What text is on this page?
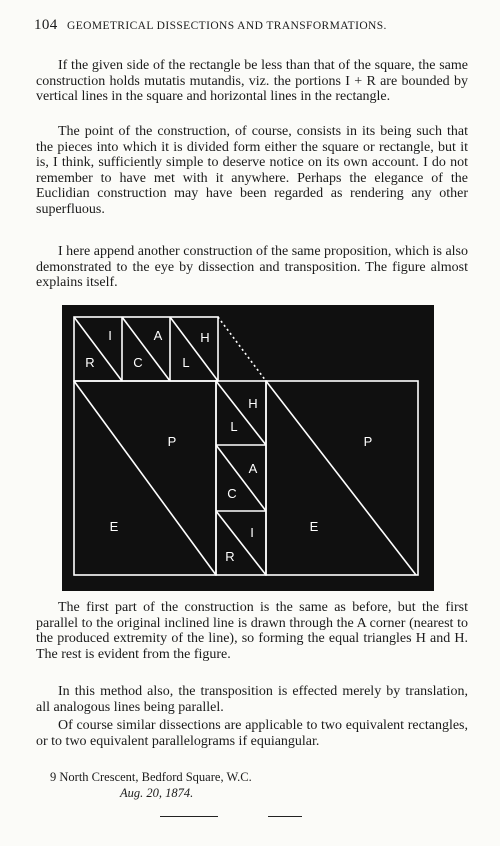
104 GEOMETRICAL DISSECTIONS AND TRANSFORMATIONS.

If the given side of the rectangle be less than that of the square, the same construction holds mutatis mutandis, viz. the portions I + R are bounded by vertical lines in the square and horizontal lines in the rectangle.

The point of the construction, of course, consists in its being such that the pieces into which it is divided form either the square or rectangle, but it is, I think, sufficiently simple to deserve notice on its own account. I do not remember to have met with it anywhere. Perhaps the elegance of the Euclidian construction may have been regarded as rendering any other superfluous.

I here append another construction of the same proposition, which is also demonstrated to the eye by dissection and transposition. The figure almost explains itself.

I
R
A
C
H
L
P
E
H
L
A
C
I
R
P
E

The first part of the construction is the same as before, but the first parallel to the original inclined line is drawn through the A corner (nearest to the produced extremity of the line), so forming the equal triangles H and H. The rest is evident from the figure.

In this method also, the transposition is effected merely by translation, all analogous lines being parallel.

Of course similar dissections are applicable to two equivalent rectangles, or to two equivalent parallelograms if equiangular.

9 North Crescent, Bedford Square, W.C.
Aug. 20, 1874.
